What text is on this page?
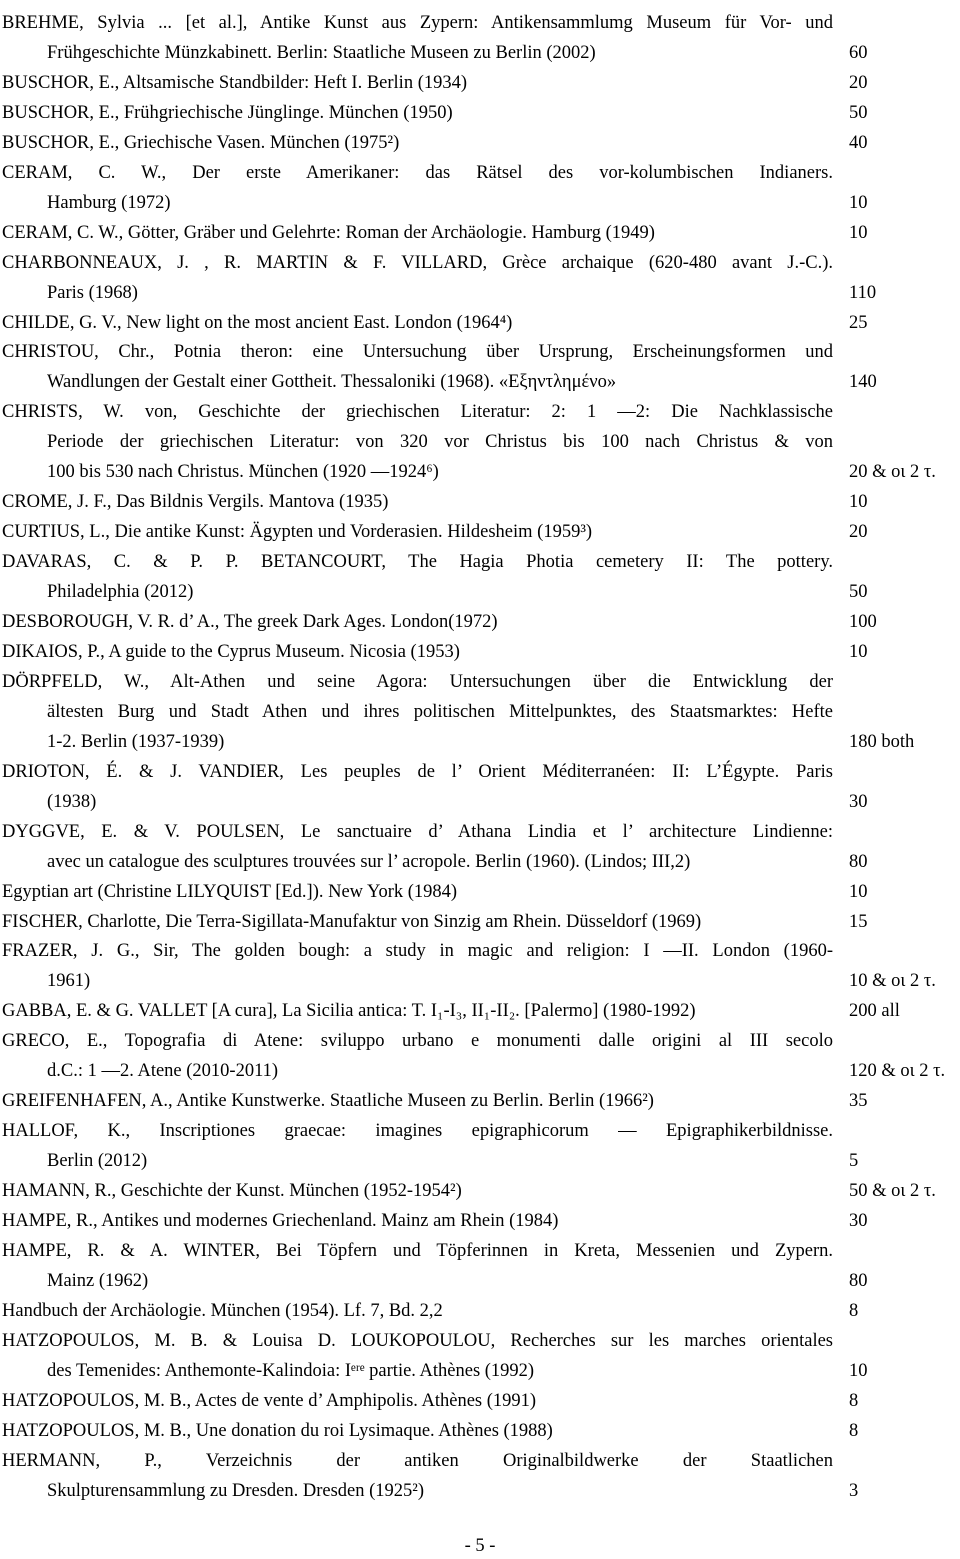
BREHME, Sylvia ... [et al.], Antike Kunst aus Zypern: Antikensammlumg Museum für Vor- und
Frühgeschichte Münzkabinett. Berlin: Staatliche Museen zu Berlin (2002)	60
BUSCHOR, E., Altsamische Standbilder: Heft I. Berlin (1934)	20
BUSCHOR, E., Frühgriechische Jünglinge. München (1950)	50
BUSCHOR, E., Griechische Vasen. München (1975²)	40
CERAM, C. W., Der erste Amerikaner: das Rätsel des vor-kolumbischen Indianers.
Hamburg (1972)	10
CERAM, C. W., Götter, Gräber und Gelehrte: Roman der Archäologie. Hamburg (1949)	10
CHARBONNEAUX, J. , R. MARTIN & F. VILLARD, Grèce archaique (620-480 avant J.-C.).
Paris (1968)	110
CHILDE, G. V., New light on the most ancient East. London (1964⁴)	25
CHRISTOU, Chr., Potnia theron: eine Untersuchung über Ursprung, Erscheinungsformen und
Wandlungen der Gestalt einer Gottheit. Thessaloniki (1968). «Εξηντλημένο»	140
CHRISTS, W. von, Geschichte der griechischen Literatur: 2: 1 —2: Die Nachklassische
Periode der griechischen Literatur: von 320 vor Christus bis 100 nach Christus & von
100 bis 530 nach Christus. München (1920 —1924⁶)	20 & οι 2 τ.
CROME, J. F., Das Bildnis Vergils. Mantova (1935)	10
CURTIUS, L., Die antike Kunst: Ägypten und Vorderasien. Hildesheim (1959³)	20
DAVARAS, C. & P. P. BETANCOURT, The Hagia Photia cemetery II: The pottery.
Philadelphia (2012)	50
DESBOROUGH, V. R. d’ A., The greek Dark Ages. London(1972)	100
DIKAIOS, P., A guide to the Cyprus Museum. Nicosia (1953)	10
DÖRPFELD, W., Alt-Athen und seine Agora: Untersuchungen über die Entwicklung der
ältesten Burg und Stadt Athen und ihres politischen Mittelpunktes, des Staatsmarktes: Hefte
1-2. Berlin (1937-1939)	180 both
DRIOTON, É. & J. VANDIER, Les peuples de l’ Orient Méditerranéen: II: L’Égypte. Paris
(1938)	30
DYGGVE, E. & V. POULSEN, Le sanctuaire d’ Athana Lindia et l’ architecture Lindienne:
avec un catalogue des sculptures trouvées sur l’ acropole. Berlin (1960). (Lindos; III,2)	80
Egyptian art (Christine LILYQUIST [Ed.]). New York (1984)	10
FISCHER, Charlotte, Die Terra-Sigillata-Manufaktur von Sinzig am Rhein. Düsseldorf (1969)	15
FRAZER, J. G., Sir, The golden bough: a study in magic and religion: I —II. London (1960-
1961)	10 & οι 2 τ.
GABBA, E. & G. VALLET [A cura], La Sicilia antica: T. I₁-I₃, II₁-II₂. [Palermo] (1980-1992)	200 all
GRECO, E., Topografia di Atene: sviluppo urbano e monumenti dalle origini al III secolo
d.C.: 1 —2. Atene (2010-2011)	120 & οι 2 τ.
GREIFENHAFEN, A., Antike Kunstwerke. Staatliche Museen zu Berlin. Berlin (1966²)	35
HALLOF, K., Inscriptiones graecae: imagines epigraphicorum — Epigraphikerbildnisse.
Berlin (2012)	5
HAMANN, R., Geschichte der Kunst. München (1952-1954²)	50 & οι 2 τ.
HAMPE, R., Antikes und modernes Griechenland. Mainz am Rhein (1984)	30
HAMPE, R. & A. WINTER, Bei Töpfern und Töpferinnen in Kreta, Messenien und Zypern.
Mainz (1962)	80
Handbuch der Archäologie. München (1954). Lf. 7, Bd. 2,2	8
HATZOPOULOS, M. B. & Louisa D. LOUKOPOULOU, Recherches sur les marches orientales
des Temenides: Anthemonte-Kalindoia: Iᵉʳᵉ partie. Athènes (1992)	10
HATZOPOULOS, M. B., Actes de vente d’ Amphipolis. Athènes (1991)	8
HATZOPOULOS, M. B., Une donation du roi Lysimaque. Athènes (1988)	8
HERMANN, P., Verzeichnis der antiken Originalbildwerke der Staatlichen
Skulpturensammlung zu Dresden. Dresden (1925²)	3
- 5 -
